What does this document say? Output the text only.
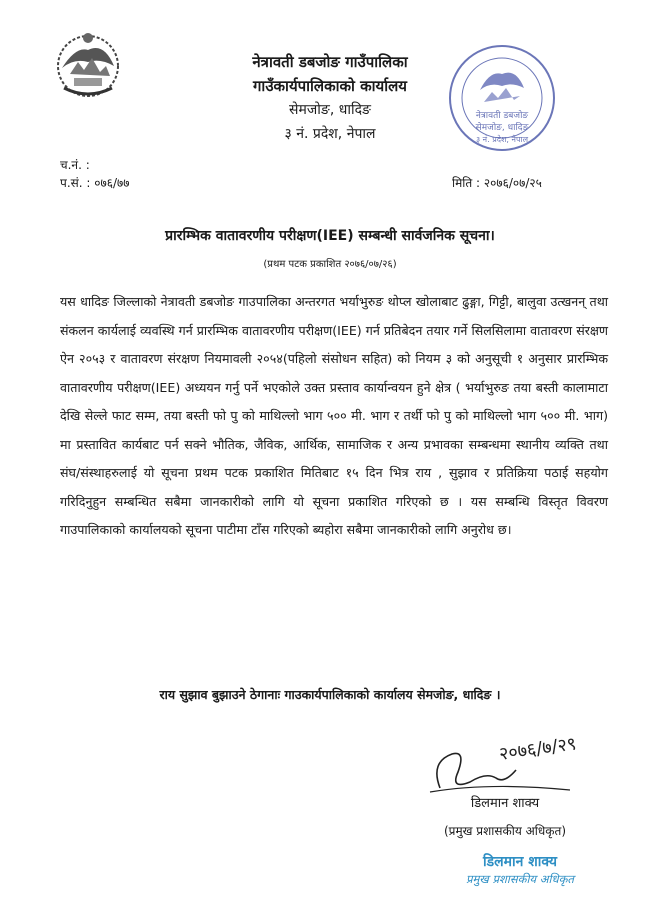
नेत्रावती डबजोङ गाउँपालिका
गाउँकार्यपालिकाको कार्यालय
सेमजोङ, धादिङ
३ नं. प्रदेश, नेपाल
नेत्रावती डबजोङ
सेमजोङ, धादिङ
३ नं. प्रदेश, नेपाल
च.नं. :
प.सं. : ०७६/७७	मिति : २०७६/०७/२५
प्रारम्भिक वातावरणीय परीक्षण(IEE) सम्बन्धी सार्वजनिक सूचना।
(प्रथम पटक प्रकाशित २०७६/०७/२६)

यस धादिङ जिल्लाको नेत्रावती डबजोङ गाउपालिका अन्तरगत भर्याभुरुङ थोप्ल खोलाबाट ढुङ्गा, गिट्टी, बालुवा उत्खनन् तथा संकलन कार्यलाई व्यवस्थि गर्न प्रारम्भिक वातावरणीय परीक्षण(IEE) गर्न प्रतिबेदन तयार गर्ने सिलसिलामा वातावरण संरक्षण ऐन २०५३ र वातावरण संरक्षण नियमावली २०५४(पहिलो संसोधन सहित) को नियम ३ को अनुसूची १ अनुसार प्रारम्भिक वातावरणीय परीक्षण(IEE) अध्ययन गर्नु पर्ने भएकोले उक्त प्रस्ताव कार्यान्वयन हुने क्षेत्र ( भर्याभुरुङ तया बस्ती कालामाटा देखि सेल्ले फाट सम्म, तया बस्ती फो पु को माथिल्लो भाग ५०० मी. भाग र तर्थी फो पु को माथिल्लो भाग ५०० मी. भाग) मा प्रस्तावित कार्यबाट पर्न सक्ने भौतिक, जैविक, आर्थिक, सामाजिक र अन्य प्रभावका सम्बन्धमा स्थानीय व्यक्ति तथा संघ/संस्थाहरुलाई यो सूचना प्रथम पटक प्रकाशित मितिबाट १५ दिन भित्र राय , सुझाव र प्रतिक्रिया पठाई सहयोग गरिदिनुहुन सम्बन्धित सबैमा जानकारीको लागि यो सूचना प्रकाशित गरिएको छ । यस सम्बन्धि विस्तृत विवरण गाउपालिकाको कार्यालयको सूचना पाटीमा टाँस गरिएको ब्यहोरा सबैमा जानकारीको लागि अनुरोध छ।

राय सुझाव बुझाउने ठेगानाः गाउकार्यपालिकाको कार्यालय सेमजोङ, धादिङ ।
२०७६/७/२९
डिलमान शाक्य
(प्रमुख प्रशासकीय अधिकृत)
डिलमान शाक्य
प्रमुख प्रशासकीय अधिकृत
